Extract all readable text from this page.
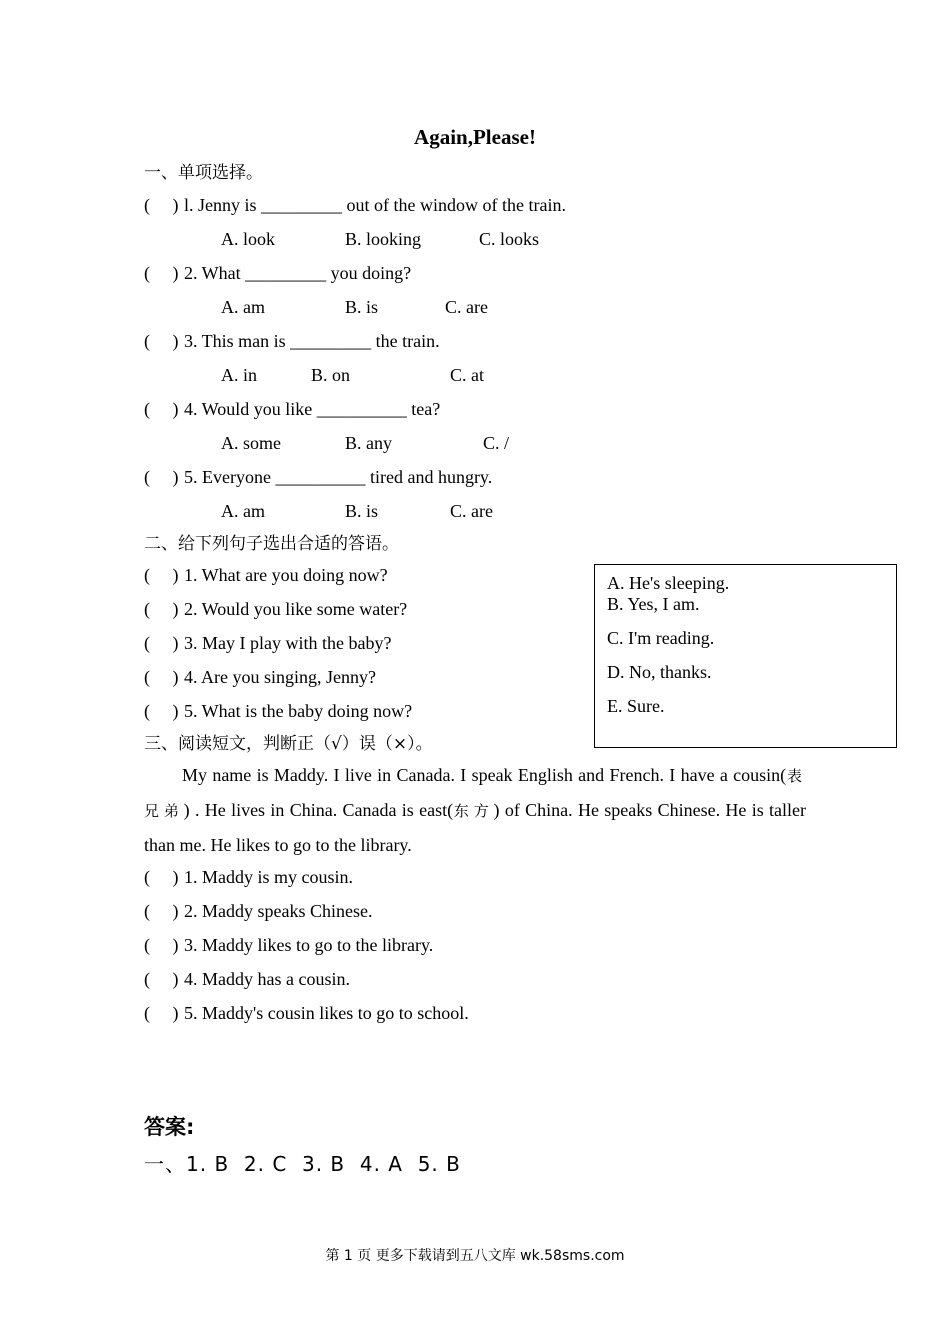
Again,Please!
一、单项选择。
(　 ) l. Jenny is _________ out of the window of the train.
A. look	B. looking	C. looks
(　 ) 2. What _________ you doing?
A. am	B. is	C. are
(　 ) 3. This man is _________ the train.
A. in	B. on	C. at
(　 ) 4. Would you like __________ tea?
A. some	B. any	C. /
(　 ) 5. Everyone __________ tired and hungry.
A. am	B. is	C. are
二、给下列句子选出合适的答语。
(　 ) 1. What are you doing now?
(　 ) 2. Would you like some water?
(　 ) 3. May I play with the baby?
(　 ) 4. Are you singing, Jenny?
(　 ) 5. What is the baby doing now?
A. He's sleeping.
B. Yes, I am.
C. I'm reading.
D. No, thanks.
E. Sure.
三、阅读短文，判断正（√）误（×）。
My name is Maddy. I live in Canada. I speak English and French. I have a cousin(表兄弟) . He lives in China. Canada is east(东方) of China. He speaks Chinese. He is taller than me. He likes to go to the library.
(　 ) 1. Maddy is my cousin.
(　 ) 2. Maddy speaks Chinese.
(　 ) 3. Maddy likes to go to the library.
(　 ) 4. Maddy has a cousin.
(　 ) 5. Maddy's cousin likes to go to school.
答案:
一、1. B  2. C  3. B  4. A  5. B
第 1 页 更多下载请到五八文库 wk.58sms.com
